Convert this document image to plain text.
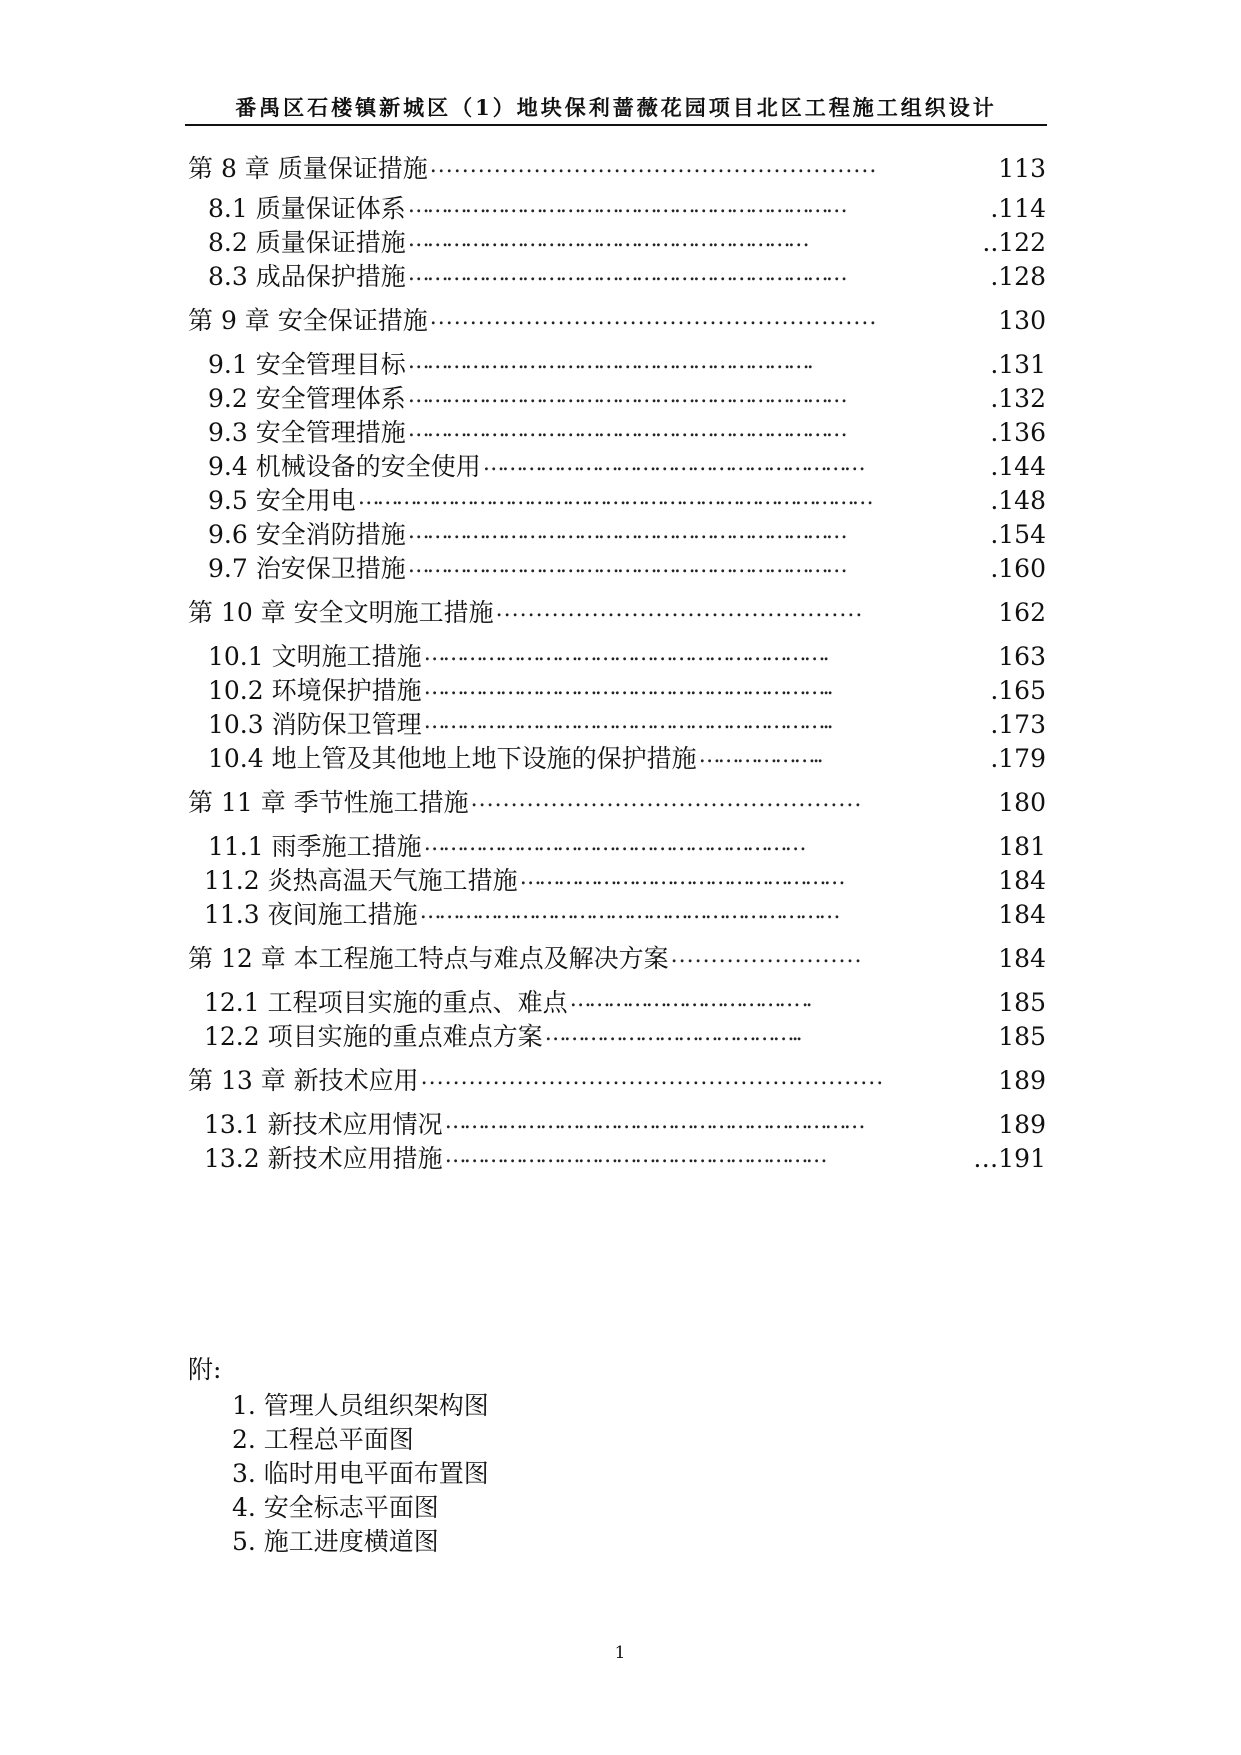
番禺区石楼镇新城区（1）地块保利蔷薇花园项目北区工程施工组织设计
第 8 章 质量保证措施 ........................................................	113
8.1 质量保证体系 ……………………………………………………………	.114
8.2 质量保证措施 ………………………………………………………	..122
8.3 成品保护措施 ……………………………………………………………	.128
第 9 章 安全保证措施 ........................................................	130
9.1 安全管理目标 ……………………………………………………….	.131
9.2 安全管理体系 ……………………………………………………………	.132
9.3 安全管理措施 ……………………………………………………………	.136
9.4 机械设备的安全使用 ……………………………………………………	.144
9.5 安全用电 ………………………………………………………………………	.148
9.6 安全消防措施 ……………………………………………………………	.154
9.7 治安保卫措施 ……………………………………………………………	.160
第 10 章 安全文明施工措施 ..............................................	162
10.1 文明施工措施 ……………………………………………………….	163
10.2 环境保护措施 ………………………………………………………..	.165
10.3 消防保卫管理 ………………………………………………………..	.173
10.4 地上管及其他地上地下设施的保护措施 ………………..	.179
第 11 章 季节性施工措施 .................................................	180
11.1 雨季施工措施 ……………………………………………………	181
11.2 炎热高温天气施工措施 ……………………………………………	184
11.3 夜间施工措施 …………………………………………………………	184
第 12 章 本工程施工特点与难点及解决方案 ........................	184
12.1 工程项目实施的重点、难点 ……………………………… ..	185
12.2 项目实施的重点难点方案 …………………………………..	185
第 13 章 新技术应用 ..........................................................	189
13.1 新技术应用情况 …………………………………………………………	189
13.2 新技术应用措施 ……………………………………………………	…191
附:
1. 管理人员组织架构图
2. 工程总平面图
3. 临时用电平面布置图
4. 安全标志平面图
5. 施工进度横道图
1
